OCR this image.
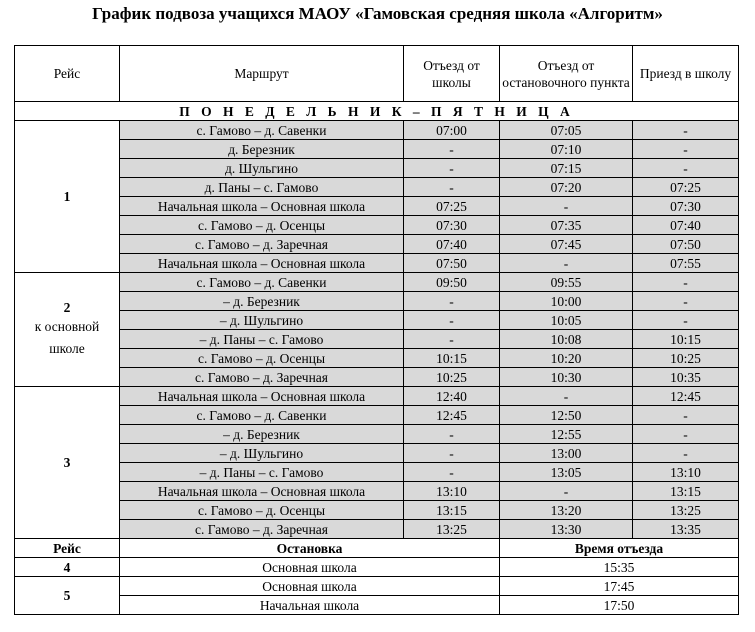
График подвоза учащихся МАОУ «Гамовская средняя школа «Алгоритм»
Рейс	Маршрут	Отъезд от школы	Отъезд от остановочного пункта	Приезд в школу
П О Н Е Д Е Л Ь Н И К – П Я Т Н И Ц А				

1	с. Гамово – д. Савенки	07:00	07:05	-
	д. Березник	-	07:10	-
	д. Шульгино	-	07:15	-
	д. Паны – с. Гамово	-	07:20	07:25
	Начальная школа – Основная школа	07:25	-	07:30
	с. Гамово – д. Осенцы	07:30	07:35	07:40
	с. Гамово – д. Заречная	07:40	07:45	07:50
	Начальная школа – Основная школа	07:50	-	07:55

2
к основной школе	с. Гамово – д. Савенки	09:50	09:55	-
	– д. Березник	-	10:00	-
	– д. Шульгино	-	10:05	-
	– д. Паны – с. Гамово	-	10:08	10:15
	с. Гамово – д. Осенцы	10:15	10:20	10:25
	с. Гамово – д. Заречная	10:25	10:30	10:35

3	Начальная школа – Основная школа	12:40	-	12:45
	с. Гамово – д. Савенки	12:45	12:50	-
	– д. Березник	-	12:55	-
	– д. Шульгино	-	13:00	-
	– д. Паны – с. Гамово	-	13:05	13:10
	Начальная школа – Основная школа	13:10	-	13:15
	с. Гамово – д. Осенцы	13:15	13:20	13:25
	с. Гамово – д. Заречная	13:25	13:30	13:35
Рейс	Остановка		Время отъезда	
4	Основная школа		15:35	
5	Основная школа		17:45	
	Начальная школа		17:50	
